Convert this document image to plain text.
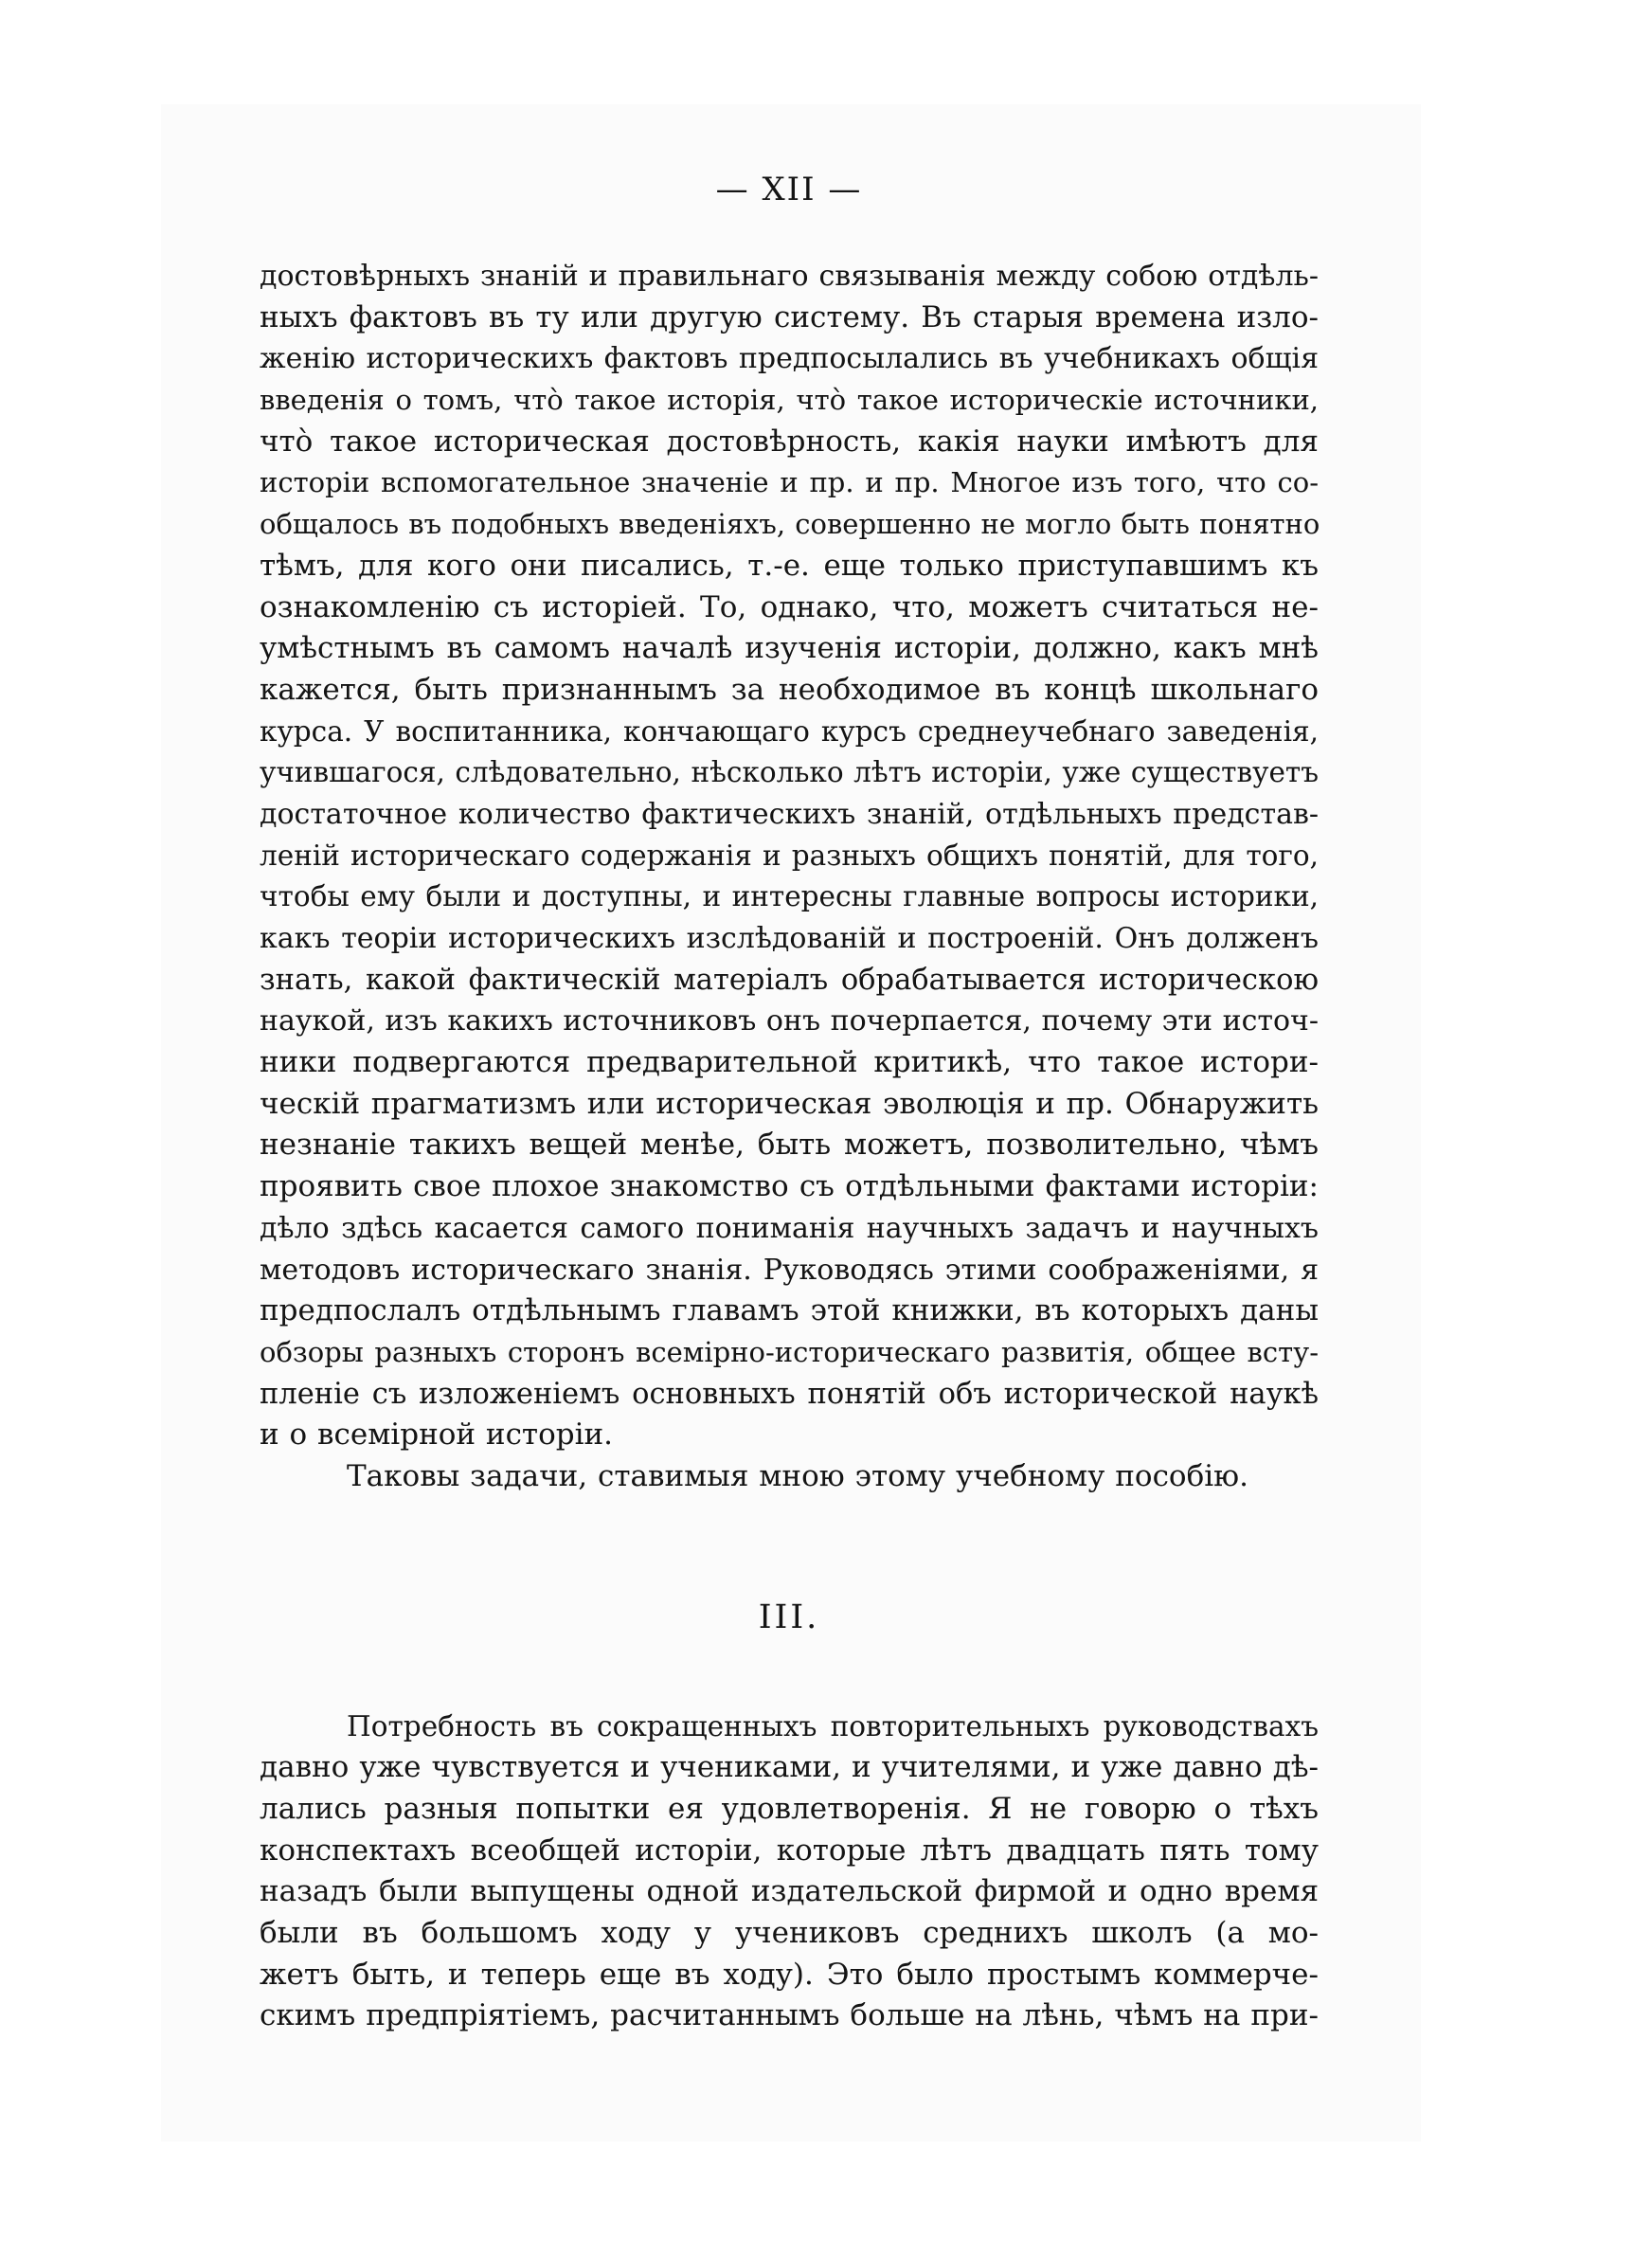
— XII —
достовѣрныхъ знаній и правильнаго связыванія между собою отдѣль-
ныхъ фактовъ въ ту или другую систему. Въ старыя времена изло-
женію историческихъ фактовъ предпосылались въ учебникахъ общія
введенія о томъ, что̀ такое исторія, что̀ такое историческіе источники,
что̀ такое историческая достовѣрность, какія науки имѣютъ для
исторіи вспомогательное значеніе и пр. и пр. Многое изъ того, что со-
общалось въ подобныхъ введеніяхъ, совершенно не могло быть понятно
тѣмъ, для кого они писались, т.-е. еще только приступавшимъ къ
ознакомленію съ исторіей. То, однако, что, можетъ считаться не-
умѣстнымъ въ самомъ началѣ изученія исторіи, должно, какъ мнѣ
кажется, быть признаннымъ за необходимое въ концѣ школьнаго
курса. У воспитанника, кончающаго курсъ среднеучебнаго заведенія,
учившагося, слѣдовательно, нѣсколько лѣтъ исторіи, уже существуетъ
достаточное количество фактическихъ знаній, отдѣльныхъ представ-
леній историческаго содержанія и разныхъ общихъ понятій, для того,
чтобы ему были и доступны, и интересны главные вопросы историки,
какъ теоріи историческихъ изслѣдованій и построеній. Онъ долженъ
знать, какой фактическій матеріалъ обрабатывается историческою
наукой, изъ какихъ источниковъ онъ почерпается, почему эти источ-
ники подвергаются предварительной критикѣ, что такое истори-
ческій прагматизмъ или историческая эволюція и пр. Обнаружить
незнаніе такихъ вещей менѣе, быть можетъ, позволительно, чѣмъ
проявить свое плохое знакомство съ отдѣльными фактами исторіи:
дѣло здѣсь касается самого пониманія научныхъ задачъ и научныхъ
методовъ историческаго знанія. Руководясь этими соображеніями, я
предпослалъ отдѣльнымъ главамъ этой книжки, въ которыхъ даны
обзоры разныхъ сторонъ всемірно-историческаго развитія, общее всту-
пленіе съ изложеніемъ основныхъ понятій объ исторической наукѣ
и о всемірной исторіи.
Таковы задачи, ставимыя мною этому учебному пособію.
III.
Потребность въ сокращенныхъ повторительныхъ руководствахъ
давно уже чувствуется и учениками, и учителями, и уже давно дѣ-
лались разныя попытки ея удовлетворенія. Я не говорю о тѣхъ
конспектахъ всеобщей исторіи, которые лѣтъ двадцать пять тому
назадъ были выпущены одной издательской фирмой и одно время
были въ большомъ ходу у учениковъ среднихъ школъ (а мо-
жетъ быть, и теперь еще въ ходу). Это было простымъ коммерче-
скимъ предпріятіемъ, расчитаннымъ больше на лѣнь, чѣмъ на при-
